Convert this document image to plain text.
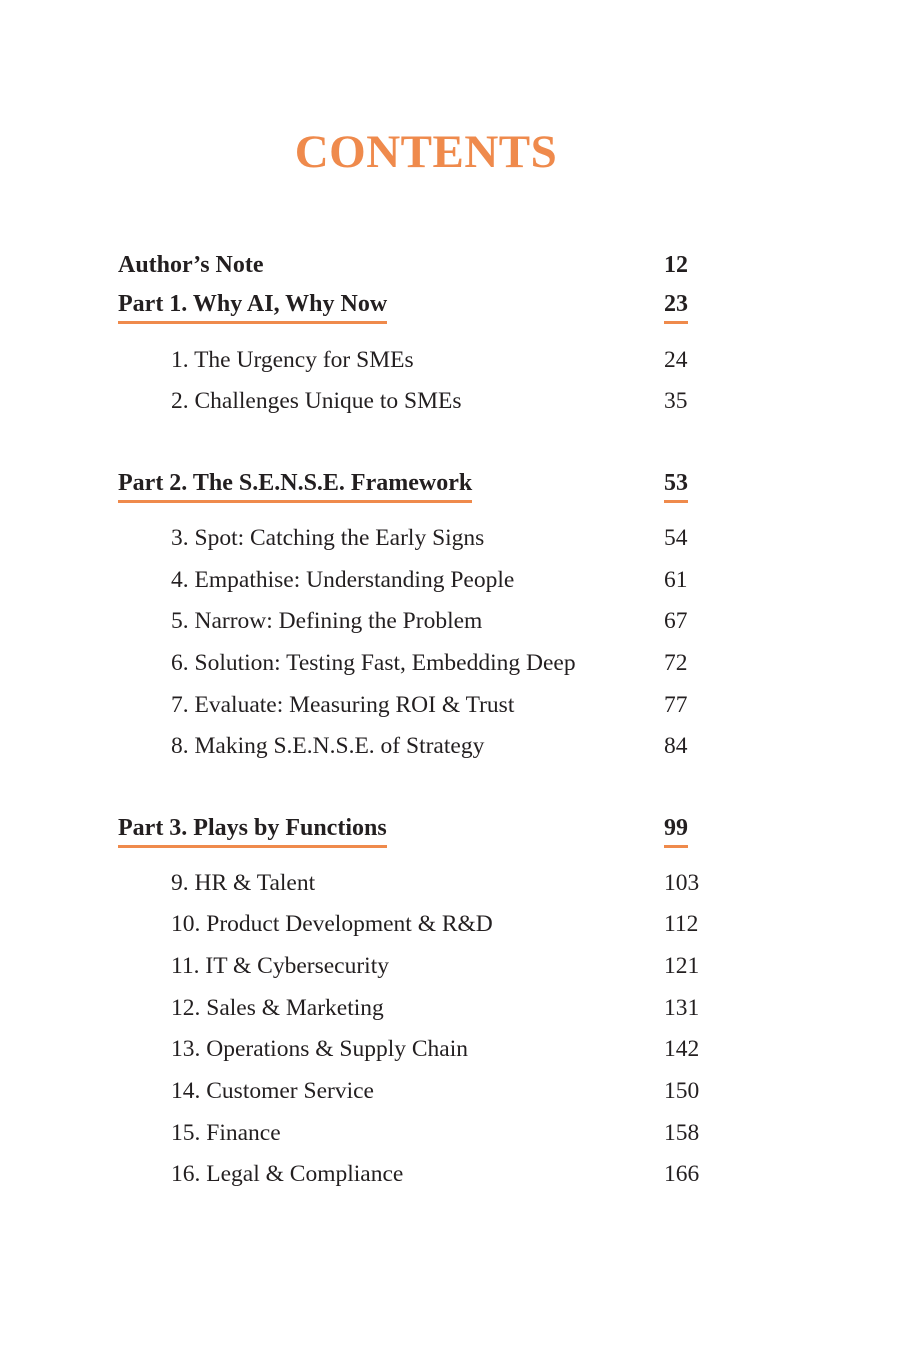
CONTENTS
Author’s Note	12
Part 1. Why AI, Why Now	23
1. The Urgency for SMEs	24
2. Challenges Unique to SMEs	35
Part 2. The S.E.N.S.E. Framework	53
3. Spot: Catching the Early Signs	54
4. Empathise: Understanding People	61
5. Narrow: Defining the Problem	67
6. Solution: Testing Fast, Embedding Deep	72
7. Evaluate: Measuring ROI & Trust	77
8. Making S.E.N.S.E. of Strategy	84
Part 3. Plays by Functions	99
9. HR & Talent	103
10. Product Development & R&D	112
11. IT & Cybersecurity	121
12. Sales & Marketing	131
13. Operations & Supply Chain	142
14. Customer Service	150
15. Finance	158
16. Legal & Compliance	166
